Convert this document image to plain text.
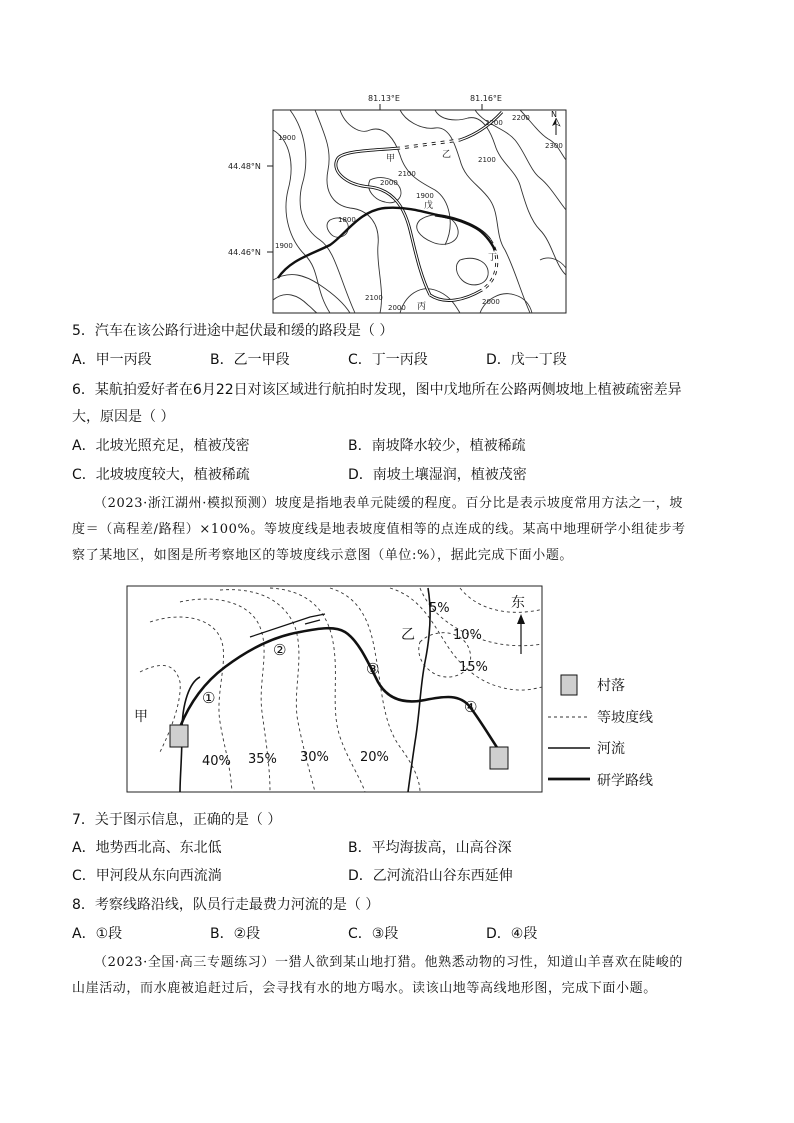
81.13°E	81.16°E
44.48°N
44.46°N
1900
2200
2200
2300
2100
2100
2000
1900
1800
1900
2100
2000
2000
甲	乙
戊
丁
丙
N
5．汽车在该公路行进途中起伏最和缓的路段是（ ）
A．甲一丙段	B．乙一甲段	C．丁一丙段	D．戊一丁段
6．某航拍爱好者在6月22日对该区域进行航拍时发现，图中戊地所在公路两侧坡地上植被疏密差异
大，原因是（ ）
A．北坡光照充足，植被茂密	B．南坡降水较少，植被稀疏
C．北坡坡度较大，植被稀疏	D．南坡土壤湿润，植被茂密
（2023·浙江湖州·模拟预测）坡度是指地表单元陡缓的程度。百分比是表示坡度常用方法之一，坡
度＝（高程差/路程）×100%。等坡度线是地表坡度值相等的点连成的线。某高中地理研学小组徒步考
察了某地区，如图是所考察地区的等坡度线示意图（单位:%），据此完成下面小题。
5%
10%
15%
40% 35% 30% 20%
①
②
③
④
甲
乙
东
村落
等坡度线
河流
研学路线
7．关于图示信息，正确的是（ ）
A．地势西北高、东北低	B．平均海拔高，山高谷深
C．甲河段从东向西流淌	D．乙河流沿山谷东西延伸
8．考察线路沿线，队员行走最费力河流的是（ ）
A．①段	B．②段	C．③段	D．④段
（2023·全国·高三专题练习）一猎人欲到某山地打猎。他熟悉动物的习性，知道山羊喜欢在陡峻的
山崖活动，而水鹿被追赶过后，会寻找有水的地方喝水。读该山地等高线地形图，完成下面小题。
